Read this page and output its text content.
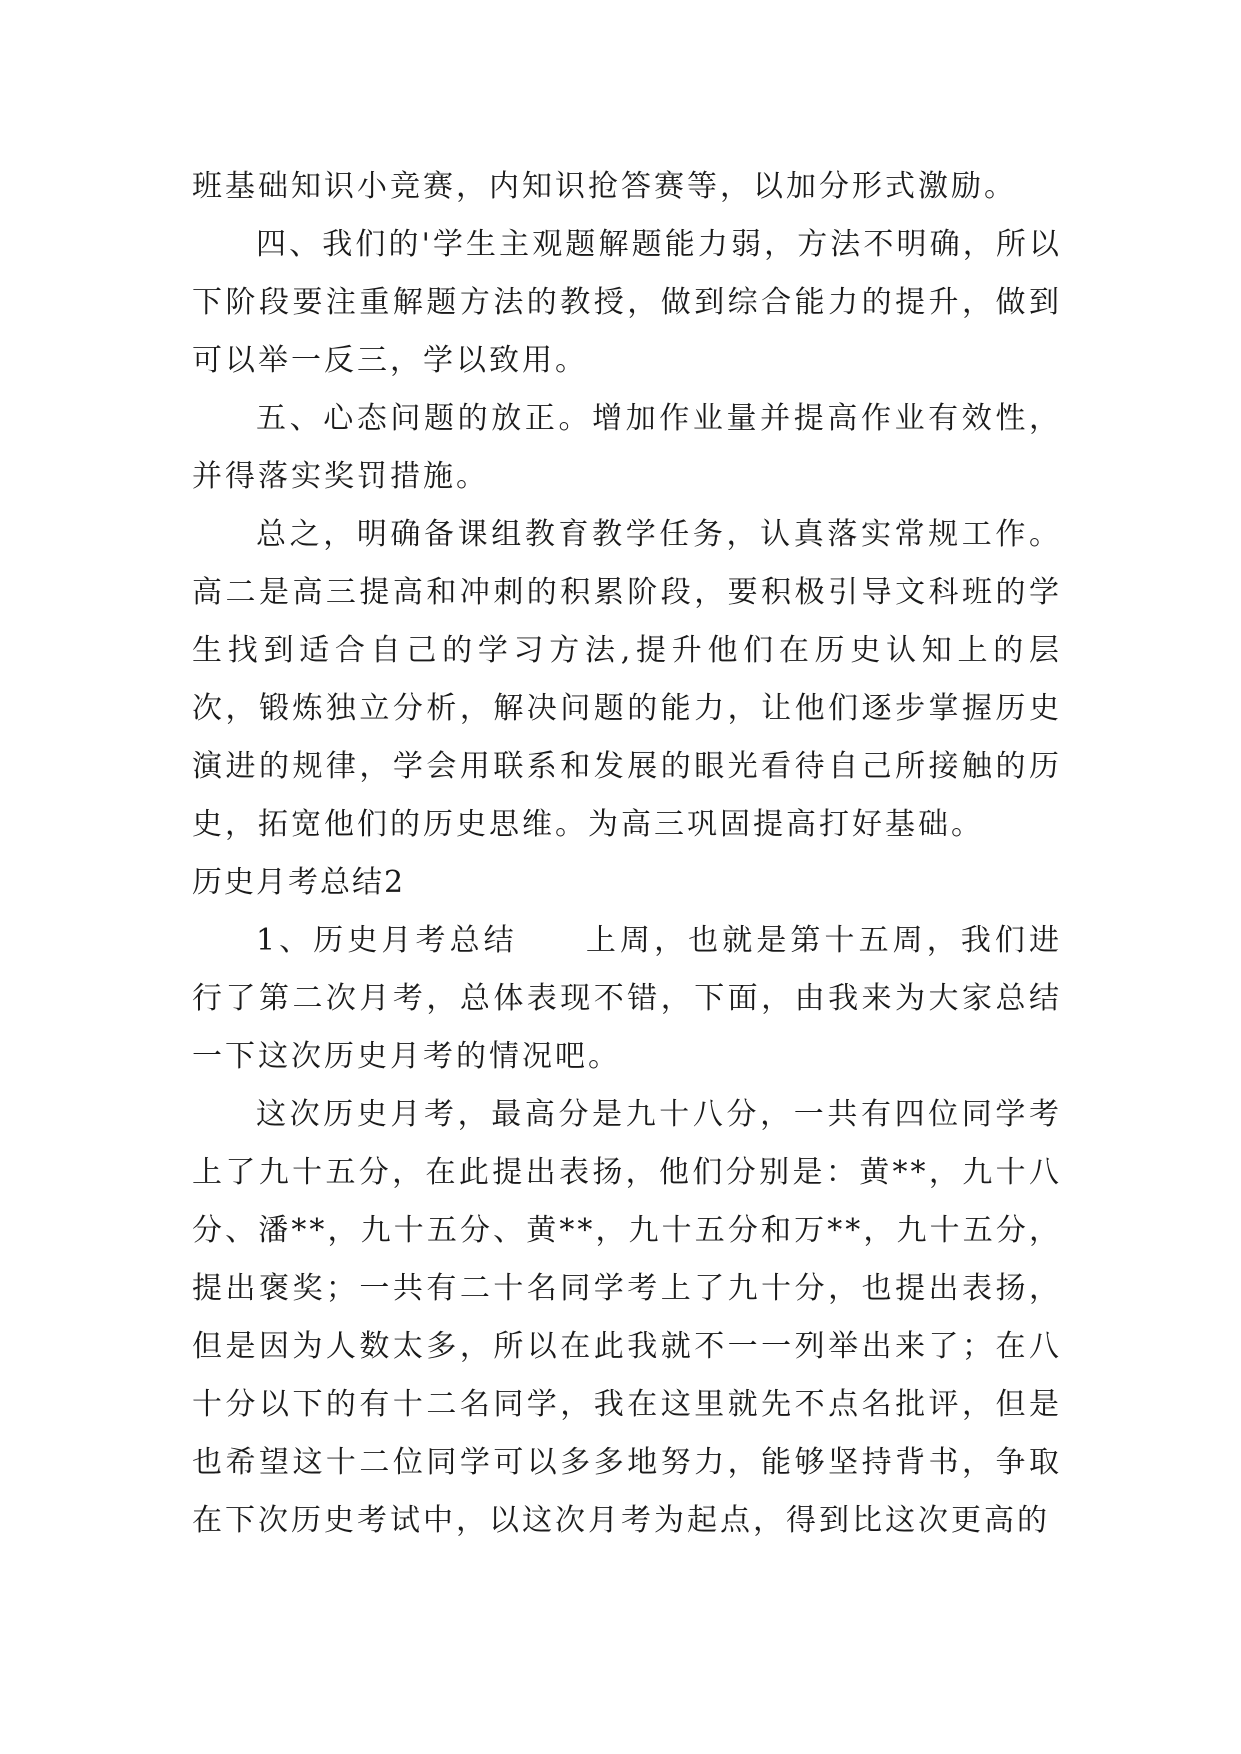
班基础知识小竞赛，内知识抢答赛等，以加分形式激励。

四、我们的'学生主观题解题能力弱，方法不明确，所以下阶段要注重解题方法的教授，做到综合能力的提升，做到可以举一反三，学以致用。

五、心态问题的放正。增加作业量并提高作业有效性，并得落实奖罚措施。

总之，明确备课组教育教学任务，认真落实常规工作。高二是高三提高和冲刺的积累阶段，要积极引导文科班的学生找到适合自己的学习方法,提升他们在历史认知上的层次，锻炼独立分析，解决问题的能力，让他们逐步掌握历史演进的规律，学会用联系和发展的眼光看待自己所接触的历史，拓宽他们的历史思维。为高三巩固提高打好基础。

历史月考总结2

1、历史月考总结　　上周，也就是第十五周，我们进行了第二次月考，总体表现不错，下面，由我来为大家总结一下这次历史月考的情况吧。

这次历史月考，最高分是九十八分，一共有四位同学考上了九十五分，在此提出表扬，他们分别是：黄**，九十八分、潘**，九十五分、黄**，九十五分和万**，九十五分，提出褒奖；一共有二十名同学考上了九十分，也提出表扬，但是因为人数太多，所以在此我就不一一列举出来了；在八十分以下的有十二名同学，我在这里就先不点名批评，但是也希望这十二位同学可以多多地努力，能够坚持背书，争取在下次历史考试中，以这次月考为起点，得到比这次更高的
